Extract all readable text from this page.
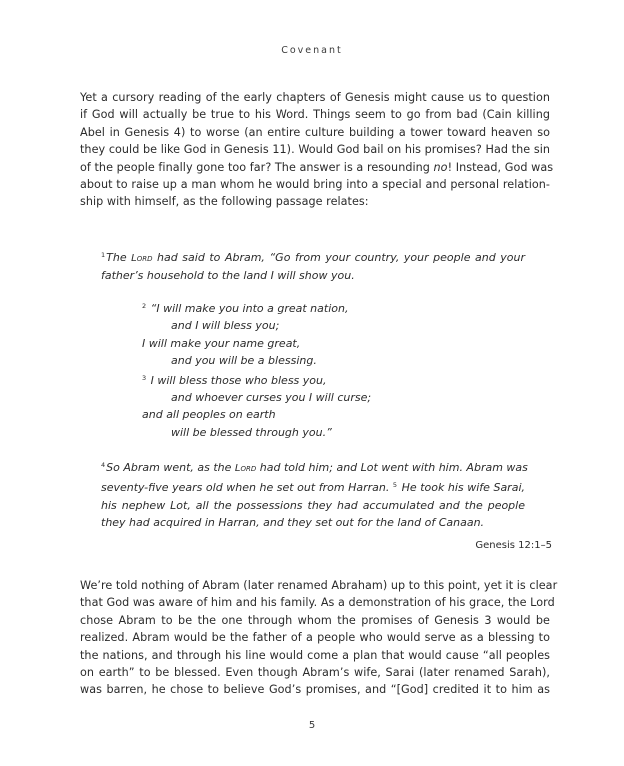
Covenant
Yet a cursory reading of the early chapters of Genesis might cause us to question
if God will actually be true to his Word. Things seem to go from bad (Cain killing
Abel in Genesis 4) to worse (an entire culture building a tower toward heaven so
they could be like God in Genesis 11). Would God bail on his promises? Had the sin
of the people finally gone too far? The answer is a resounding no! Instead, God was
about to raise up a man whom he would bring into a special and personal relation-
ship with himself, as the following passage relates:
$^1$The Lord had said to Abram, “Go from your country, your people and your
father’s household to the land I will show you.
$^2$ “I will make you into a great nation,
and I will bless you;
I will make your name great,
and you will be a blessing.
$^3$ I will bless those who bless you,
and whoever curses you I will curse;
and all peoples on earth
will be blessed through you.”
$^4$So Abram went, as the Lord had told him; and Lot went with him. Abram was
seventy-five years old when he set out from Harran. $^5$ He took his wife Sarai,
his nephew Lot, all the possessions they had accumulated and the people
they had acquired in Harran, and they set out for the land of Canaan.
Genesis 12:1–5
We’re told nothing of Abram (later renamed Abraham) up to this point, yet it is clear
that God was aware of him and his family. As a demonstration of his grace, the Lord
chose Abram to be the one through whom the promises of Genesis 3 would be
realized. Abram would be the father of a people who would serve as a blessing to
the nations, and through his line would come a plan that would cause “all peoples
on earth” to be blessed. Even though Abram’s wife, Sarai (later renamed Sarah),
was barren, he chose to believe God’s promises, and “[God] credited it to him as
5
